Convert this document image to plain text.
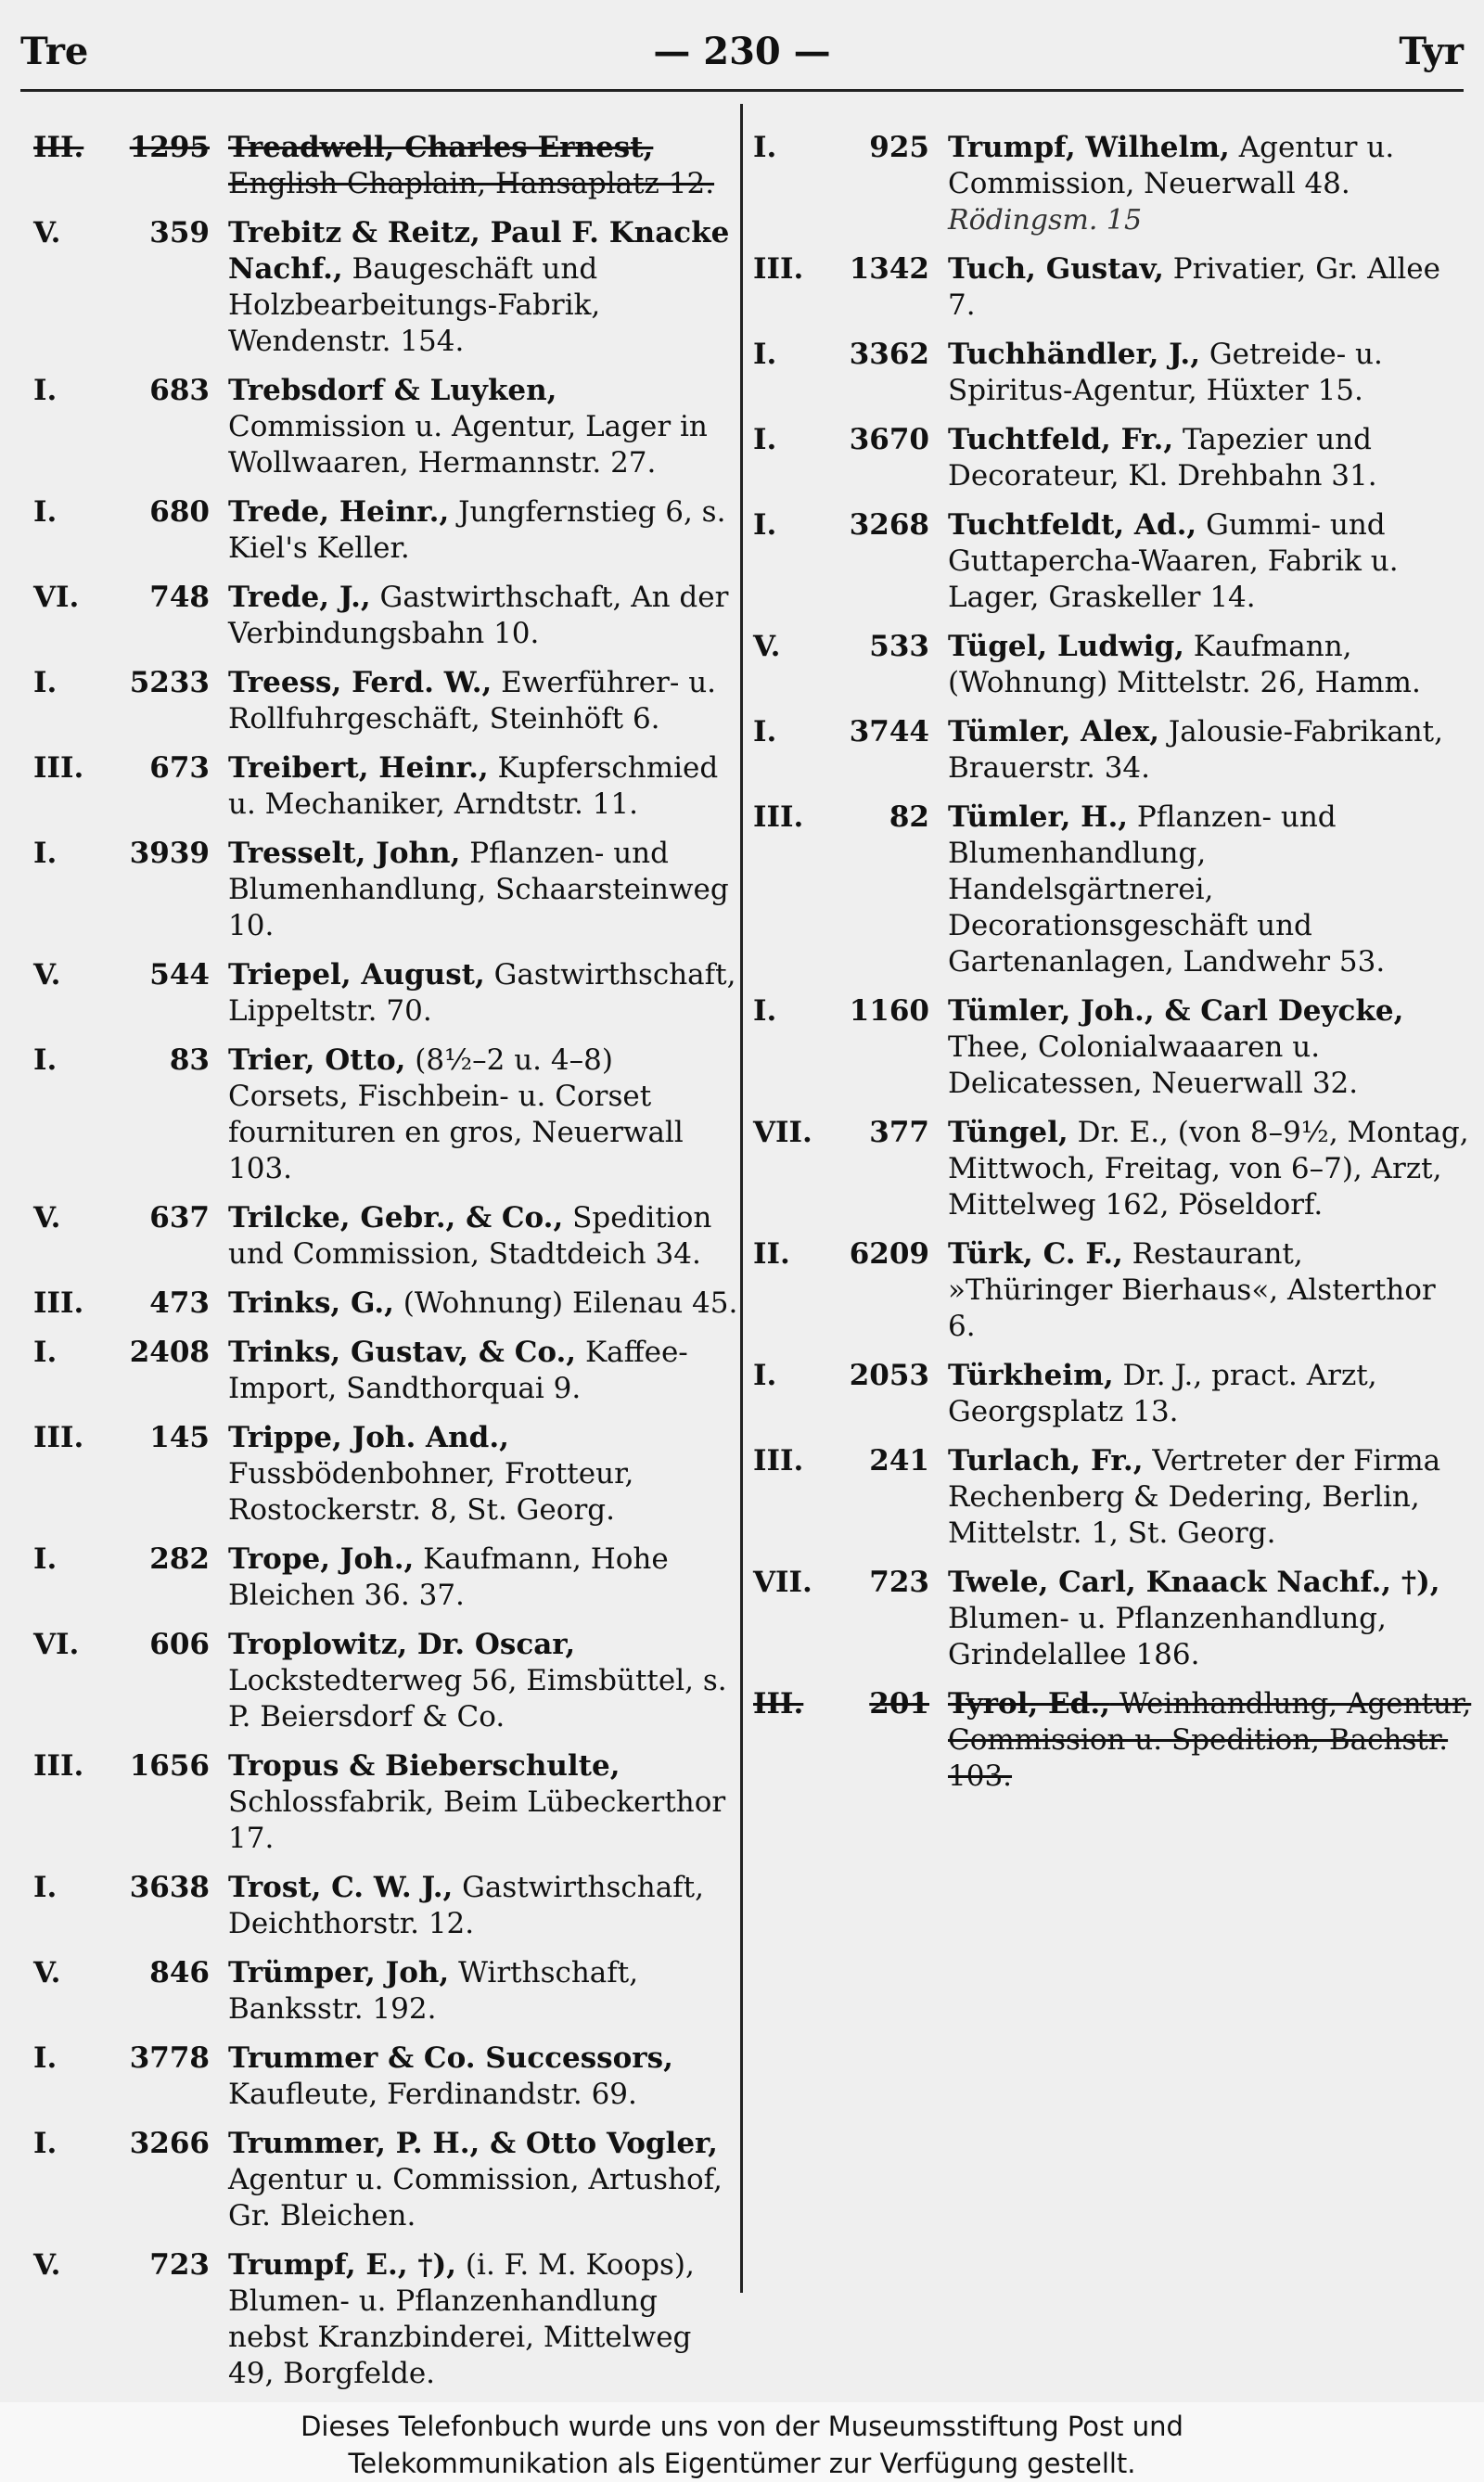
Tre	— 230 —	Tyr
III. 1295 Treadwell, Charles Ernest, English Chaplain, Hansaplatz 12.
V.	359 Trebitz & Reitz, Paul F. Knacke Nachf., Baugeschäft und Holzbearbeitungs-Fabrik, Wendenstr. 154.
I.	683 Trebsdorf & Luyken, Commission u. Agentur, Lager in Wollwaaren, Hermannstr. 27.
I.	680 Trede, Heinr., Jungfernstieg 6, s. Kiel's Keller.
VI. 748 Trede, J., Gastwirthschaft, An der Verbindungsbahn 10.
I.	5233 Treess, Ferd. W., Ewerführer- u. Rollfuhrgeschäft, Steinhöft 6.
III. 673 Treibert, Heinr., Kupferschmied u. Mechaniker, Arndtstr. 11.
I.	3939 Tresselt, John, Pflanzen- und Blumenhandlung, Schaarsteinweg 10.
V.	544 Triepel, August, Gastwirthschaft, Lippeltstr. 70.
I.	83 Trier, Otto, (8½–2 u. 4–8) Corsets, Fischbein- u. Corset fournituren en gros, Neuerwall 103.
V.	637 Trilcke, Gebr., & Co., Spedition und Commission, Stadtdeich 34.
III. 473 Trinks, G., (Wohnung) Eilenau 45.
I.	2408 Trinks, Gustav, & Co., Kaffee-Import, Sandthorquai 9.
III. 145 Trippe, Joh. And., Fussbödenbohner, Frotteur, Rostockerstr. 8, St. Georg.
I.	282 Trope, Joh., Kaufmann, Hohe Bleichen 36. 37.
VI. 606 Troplowitz, Dr. Oscar, Lockstedterweg 56, Eimsbüttel, s. P. Beiersdorf & Co.
III. 1656 Tropus & Bieberschulte, Schlossfabrik, Beim Lübeckerthor 17.
I.	3638 Trost, C. W. J., Gastwirthschaft, Deichthorstr. 12.
V.	846 Trümper, Joh, Wirthschaft, Banksstr. 192.
I.	3778 Trummer & Co. Successors, Kaufleute, Ferdinandstr. 69.
I.	3266 Trummer, P. H., & Otto Vogler, Agentur u. Commission, Artushof, Gr. Bleichen.
V.	723 Trumpf, E., †), (i. F. M. Koops), Blumen- u. Pflanzenhandlung nebst Kranzbinderei, Mittelweg 49, Borgfelde.
I.	925 Trumpf, Wilhelm, Agentur u. Commission, Neuerwall 48. Rödingsm. 15
III. 1342 Tuch, Gustav, Privatier, Gr. Allee 7.
I.	3362 Tuchhändler, J., Getreide- u. Spiritus-Agentur, Hüxter 15.
I.	3670 Tuchtfeld, Fr., Tapezier und Decorateur, Kl. Drehbahn 31.
I.	3268 Tuchtfeldt, Ad., Gummi- und Guttapercha-Waaren, Fabrik u. Lager, Graskeller 14.
V.	533 Tügel, Ludwig, Kaufmann, (Wohnung) Mittelstr. 26, Hamm.
I.	3744 Tümler, Alex, Jalousie-Fabrikant, Brauerstr. 34.
III.	82 Tümler, H., Pflanzen- und Blumenhandlung, Handelsgärtnerei, Decorationsgeschäft und Gartenanlagen, Landwehr 53.
I.	1160 Tümler, Joh., & Carl Deycke, Thee, Colonialwaaaren u. Delicatessen, Neuerwall 32.
VII. 377 Tüngel, Dr. E., (von 8–9½, Montag, Mittwoch, Freitag, von 6–7), Arzt, Mittelweg 162, Pöseldorf.
II. 6209 Türk, C. F., Restaurant, »Thüringer Bierhaus«, Alsterthor 6.
I.	2053 Türkheim, Dr. J., pract. Arzt, Georgsplatz 13.
III. 241 Turlach, Fr., Vertreter der Firma Rechenberg & Dedering, Berlin, Mittelstr. 1, St. Georg.
VII. 723 Twele, Carl, Knaack Nachf., †), Blumen- u. Pflanzenhandlung, Grindelallee 186.
III. 201 Tyrol, Ed., Weinhandlung, Agentur, Commission u. Spedition, Bachstr. 103.
Dieses Telefonbuch wurde uns von der Museumsstiftung Post und
Telekommunikation als Eigentümer zur Verfügung gestellt.
